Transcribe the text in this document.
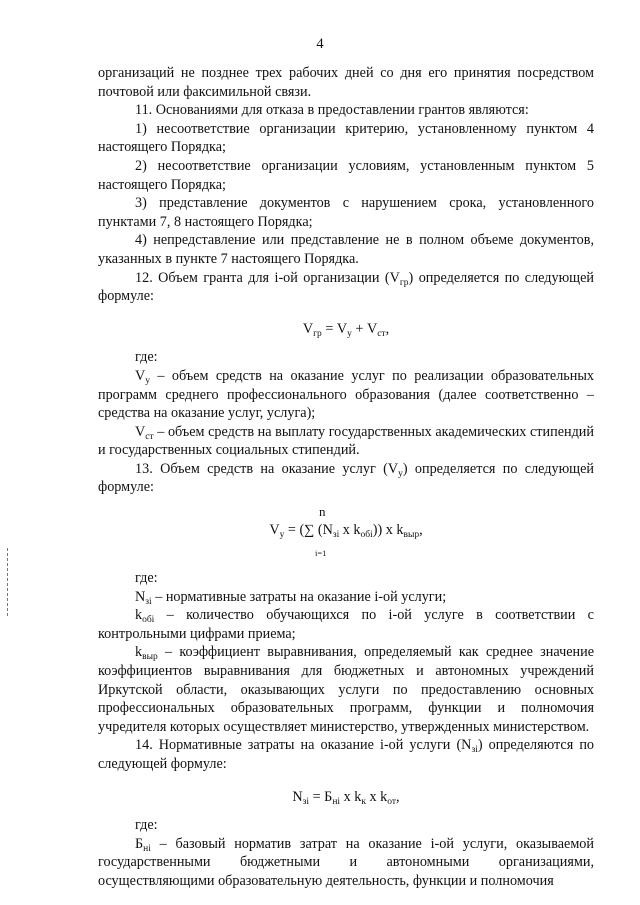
4

организаций не позднее трех рабочих дней со дня его принятия посредством почтовой или факсимильной связи.

11. Основаниями для отказа в предоставлении грантов являются:

1) несоответствие организации критерию, установленному пунктом 4 настоящего Порядка;

2) несоответствие организации условиям, установленным пунктом 5 настоящего Порядка;

3) представление документов с нарушением срока, установленного пунктами 7, 8 настоящего Порядка;

4) непредставление или представление не в полном объеме документов, указанных в пункте 7 настоящего Порядка.

12. Объем гранта для i-ой организации $(V_{гр})$ определяется по следующей формуле:

$V_{гр} = V_у + V_{ст}$,

где:

$V_у$ – объем средств на оказание услуг по реализации образовательных программ среднего профессионального образования (далее соответственно – средства на оказание услуг, услуга);

$V_{ст}$ – объем средств на выплату государственных академических стипендий и государственных социальных стипендий.

13. Объем средств на оказание услуг $(V_у)$ определяется по следующей формуле:

n
$V_у$ = (∑ ($N_{зi}$ x $k_{обi}$)) x $k_{выр}$,
i=1

где:

$N_{зi}$ – нормативные затраты на оказание i-ой услуги;

$k_{обi}$ – количество обучающихся по i-ой услуге в соответствии с контрольными цифрами приема;

$k_{выр}$ – коэффициент выравнивания, определяемый как среднее значение коэффициентов выравнивания для бюджетных и автономных учреждений Иркутской области, оказывающих услуги по предоставлению основных профессиональных образовательных программ, функции и полномочия учредителя которых осуществляет министерство, утвержденных министерством.

14. Нормативные затраты на оказание i-ой услуги $(N_{зi})$ определяются по следующей формуле:

$N_{зi} = Б_{нi}$ x $k_к$ x $k_{от}$,

где:

$Б_{нi}$ – базовый норматив затрат на оказание i-ой услуги, оказываемой государственными бюджетными и автономными организациями, осуществляющими образовательную деятельность, функции и полномочия
